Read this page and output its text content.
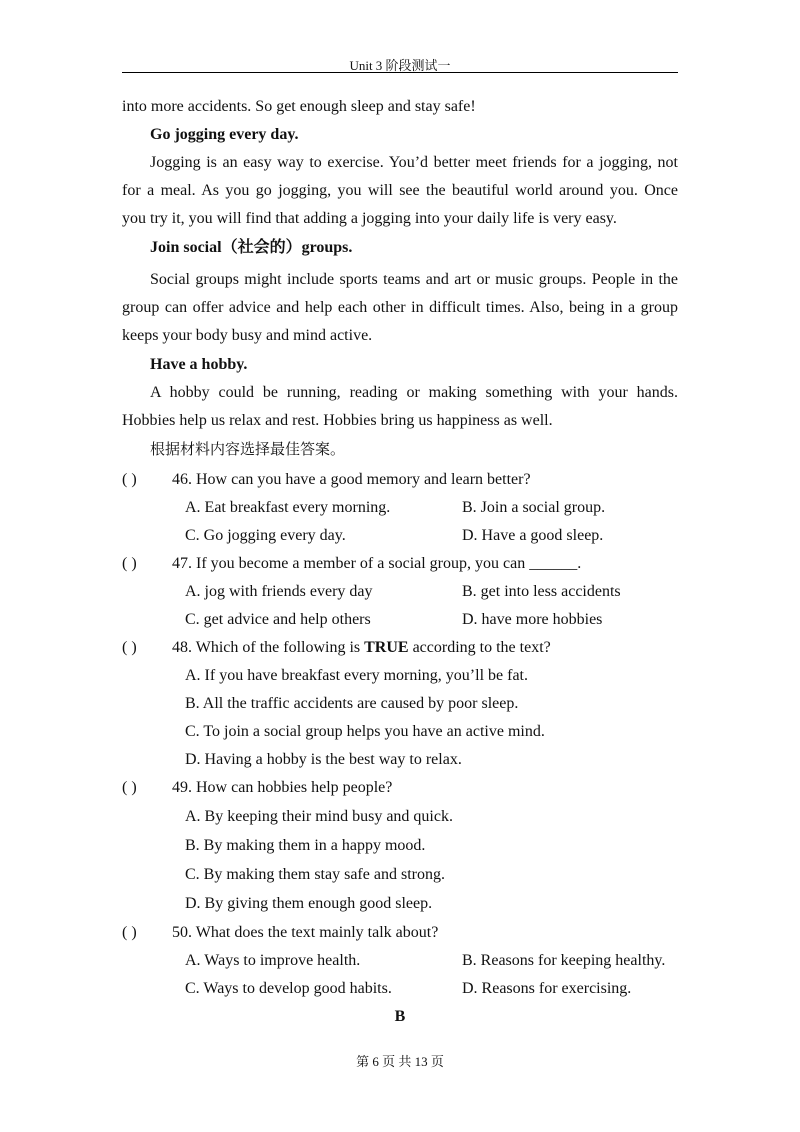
Unit 3 阶段测试一
into more accidents. So get enough sleep and stay safe!
Go jogging every day.
Jogging is an easy way to exercise. You’d better meet friends for a jogging, not
for a meal. As you go jogging, you will see the beautiful world around you. Once
you try it, you will find that adding a jogging into your daily life is very easy.
Join social（社会的）groups.
Social groups might include sports teams and art or music groups. People in the
group can offer advice and help each other in difficult times. Also, being in a group
keeps your body busy and mind active.
Have a hobby.
A hobby could be running, reading or making something with your hands.
Hobbies help us relax and rest. Hobbies bring us happiness as well.
根据材料内容选择最佳答案。
( ) 46. How can you have a good memory and learn better?
A. Eat breakfast every morning.	B. Join a social group.
C. Go jogging every day.	D. Have a good sleep.
( ) 47. If you become a member of a social group, you can ______.
A. jog with friends every day	B. get into less accidents
C. get advice and help others	D. have more hobbies
( ) 48. Which of the following is TRUE according to the text?
A. If you have breakfast every morning, you’ll be fat.
B. All the traffic accidents are caused by poor sleep.
C. To join a social group helps you have an active mind.
D. Having a hobby is the best way to relax.
( ) 49. How can hobbies help people?
A. By keeping their mind busy and quick.
B. By making them in a happy mood.
C. By making them stay safe and strong.
D. By giving them enough good sleep.
( ) 50. What does the text mainly talk about?
A. Ways to improve health.	B. Reasons for keeping healthy.
C. Ways to develop good habits.	D. Reasons for exercising.
B
第 6 页 共 13 页
